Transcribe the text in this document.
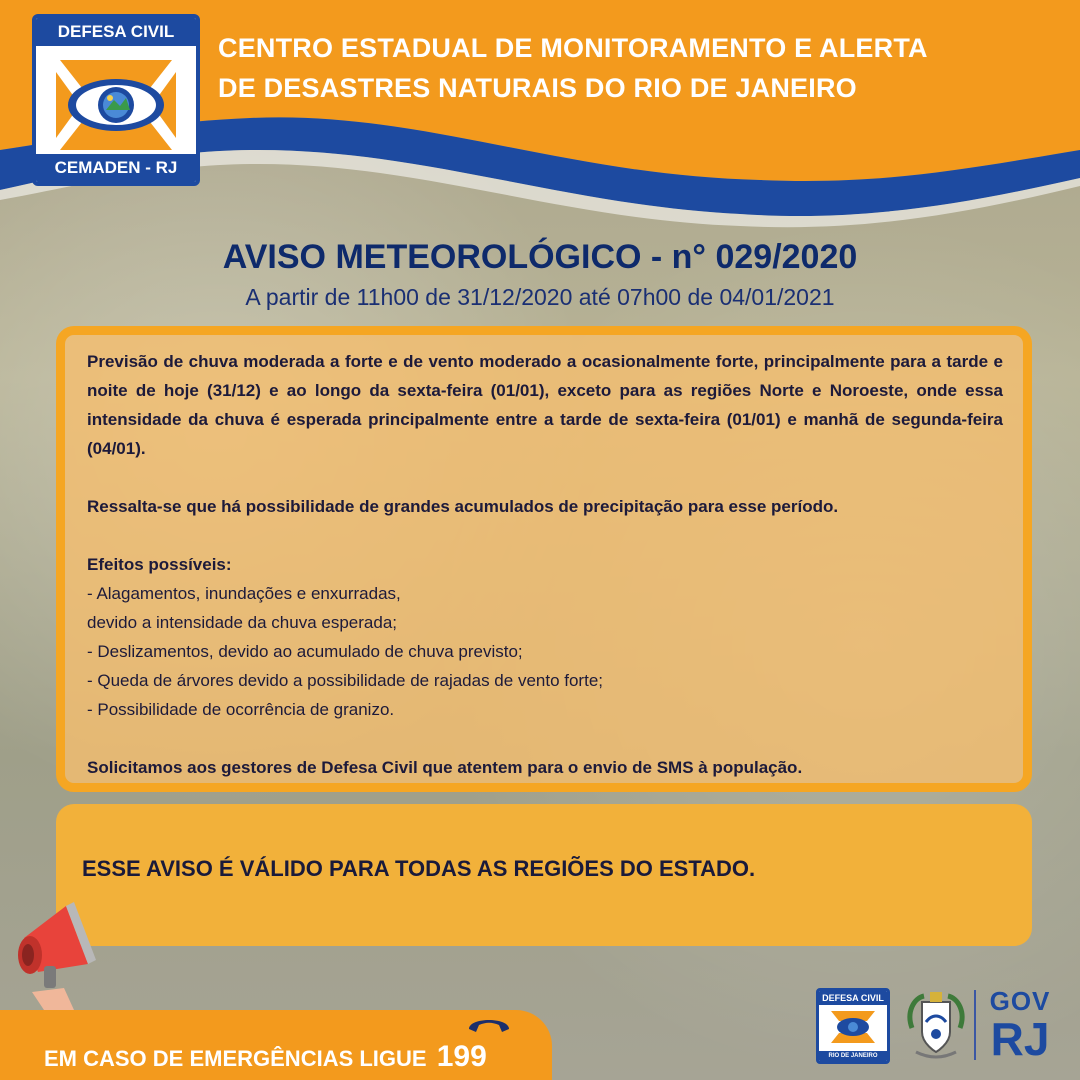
DEFESA CIVIL
CEMADEN - RJ
CENTRO ESTADUAL DE MONITORAMENTO E ALERTA
DE DESASTRES NATURAIS DO RIO DE JANEIRO
AVISO METEOROLÓGICO - n° 029/2020
A partir de 11h00 de 31/12/2020 até 07h00 de 04/01/2021

Previsão de chuva moderada a forte e de vento moderado a ocasionalmente forte, principalmente para a tarde e noite de hoje (31/12) e ao longo da sexta-feira (01/01), exceto para as regiões Norte e Noroeste, onde essa intensidade da chuva é esperada principalmente entre a tarde de sexta-feira (01/01) e manhã de segunda-feira (04/01).

Ressalta-se que há possibilidade de grandes acumulados de precipitação para esse período.

Efeitos possíveis:
- Alagamentos, inundações e enxurradas,
devido a intensidade da chuva esperada;
- Deslizamentos, devido ao acumulado de chuva previsto;
- Queda de árvores devido a possibilidade de rajadas de vento forte;
- Possibilidade de ocorrência de granizo.

Solicitamos aos gestores de Defesa Civil que atentem para o envio de SMS à população.

ESSE AVISO É VÁLIDO PARA TODAS AS REGIÕES DO ESTADO.
EM CASO DE EMERGÊNCIAS LIGUE 199
DEFESA CIVIL
RIO DE JANEIRO
GOV
RJ
